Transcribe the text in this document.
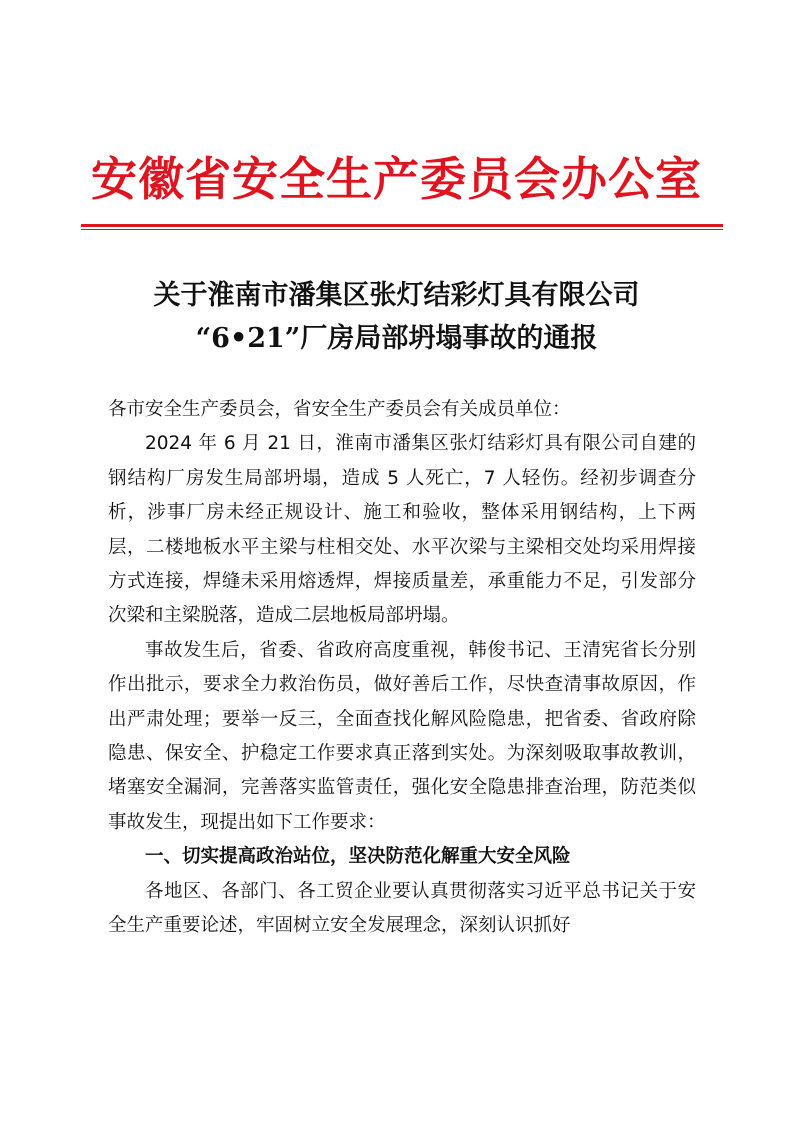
安徽省安全生产委员会办公室
关于淮南市潘集区张灯结彩灯具有限公司
“6•21”厂房局部坍塌事故的通报

各市安全生产委员会，省安全生产委员会有关成员单位：

2024 年 6 月 21 日，淮南市潘集区张灯结彩灯具有限公司自建的钢结构厂房发生局部坍塌，造成 5 人死亡，7 人轻伤。经初步调查分析，涉事厂房未经正规设计、施工和验收，整体采用钢结构，上下两层，二楼地板水平主梁与柱相交处、水平次梁与主梁相交处均采用焊接方式连接，焊缝未采用熔透焊，焊接质量差，承重能力不足，引发部分次梁和主梁脱落，造成二层地板局部坍塌。

事故发生后，省委、省政府高度重视，韩俊书记、王清宪省长分别作出批示，要求全力救治伤员，做好善后工作，尽快查清事故原因，作出严肃处理；要举一反三，全面查找化解风险隐患，把省委、省政府除隐患、保安全、护稳定工作要求真正落到实处。为深刻吸取事故教训，堵塞安全漏洞，完善落实监管责任，强化安全隐患排查治理，防范类似事故发生，现提出如下工作要求：

一、切实提高政治站位，坚决防范化解重大安全风险

各地区、各部门、各工贸企业要认真贯彻落实习近平总书记关于安全生产重要论述，牢固树立安全发展理念，深刻认识抓好
